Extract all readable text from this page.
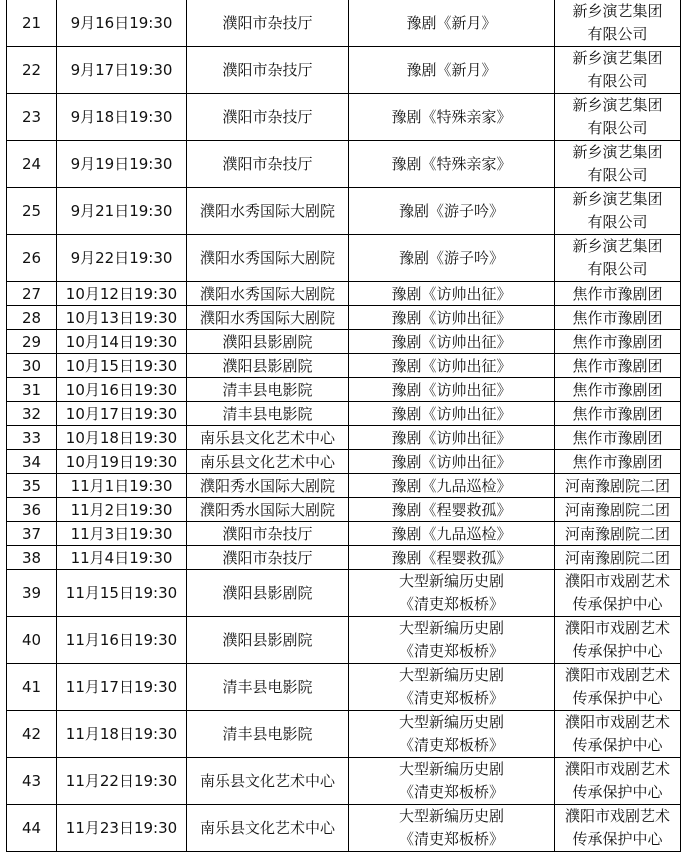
21	9月16日19:30	濮阳市杂技厅	豫剧《新月》	新乡演艺集团
有限公司

22	9月17日19:30	濮阳市杂技厅	豫剧《新月》	新乡演艺集团
有限公司

23	9月18日19:30	濮阳市杂技厅	豫剧《特殊亲家》	新乡演艺集团
有限公司

24	9月19日19:30	濮阳市杂技厅	豫剧《特殊亲家》	新乡演艺集团
有限公司

25	9月21日19:30	濮阳水秀国际大剧院	豫剧《游子吟》	新乡演艺集团
有限公司

26	9月22日19:30	濮阳水秀国际大剧院	豫剧《游子吟》	新乡演艺集团
有限公司

27	10月12日19:30	濮阳水秀国际大剧院	豫剧《访帅出征》	焦作市豫剧团

28	10月13日19:30	濮阳水秀国际大剧院	豫剧《访帅出征》	焦作市豫剧团

29	10月14日19:30	濮阳县影剧院	豫剧《访帅出征》	焦作市豫剧团

30	10月15日19:30	濮阳县影剧院	豫剧《访帅出征》	焦作市豫剧团

31	10月16日19:30	清丰县电影院	豫剧《访帅出征》	焦作市豫剧团

32	10月17日19:30	清丰县电影院	豫剧《访帅出征》	焦作市豫剧团

33	10月18日19:30	南乐县文化艺术中心	豫剧《访帅出征》	焦作市豫剧团

34	10月19日19:30	南乐县文化艺术中心	豫剧《访帅出征》	焦作市豫剧团

35	11月1日19:30	濮阳秀水国际大剧院	豫剧《九品巡检》	河南豫剧院二团

36	11月2日19:30	濮阳秀水国际大剧院	豫剧《程婴救孤》	河南豫剧院二团

37	11月3日19:30	濮阳市杂技厅	豫剧《九品巡检》	河南豫剧院二团

38	11月4日19:30	濮阳市杂技厅	豫剧《程婴救孤》	河南豫剧院二团

39	11月15日19:30	濮阳县影剧院	大型新编历史剧
《清吏郑板桥》	濮阳市戏剧艺术
传承保护中心

40	11月16日19:30	濮阳县影剧院	大型新编历史剧
《清吏郑板桥》	濮阳市戏剧艺术
传承保护中心

41	11月17日19:30	清丰县电影院	大型新编历史剧
《清吏郑板桥》	濮阳市戏剧艺术
传承保护中心

42	11月18日19:30	清丰县电影院	大型新编历史剧
《清吏郑板桥》	濮阳市戏剧艺术
传承保护中心

43	11月22日19:30	南乐县文化艺术中心	大型新编历史剧
《清吏郑板桥》	濮阳市戏剧艺术
传承保护中心

44	11月23日19:30	南乐县文化艺术中心	大型新编历史剧
《清吏郑板桥》	濮阳市戏剧艺术
传承保护中心
